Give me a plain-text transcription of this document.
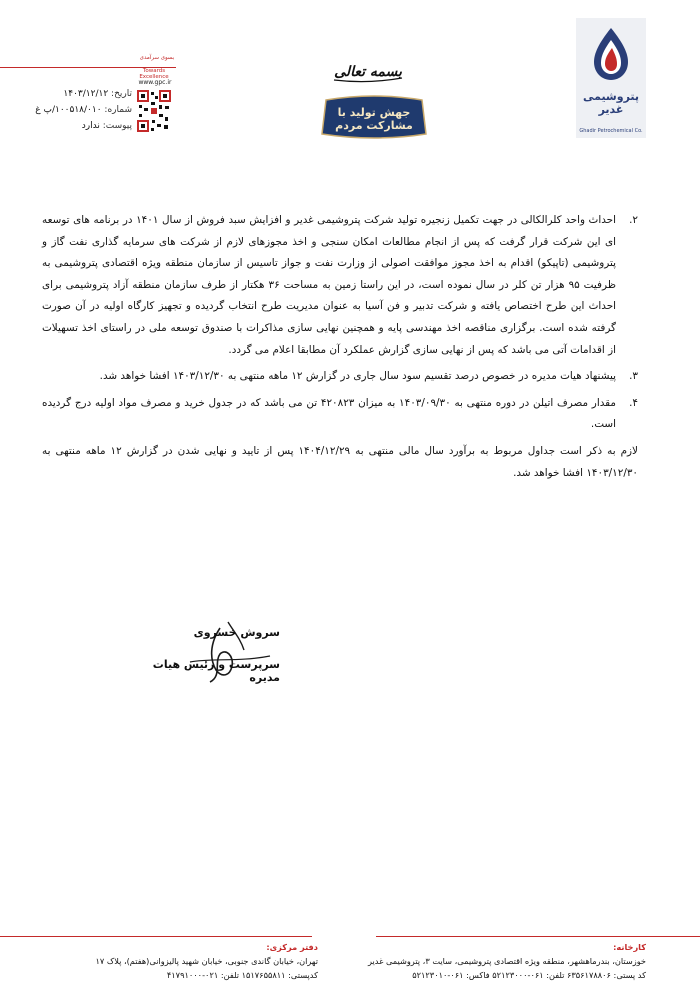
پتروشیمی غدیر
Ghadir Petrochemical Co.
بسمه تعالی
جهش تولید با مشارکت مردم
بسوی سرآمدی
Towards Excellence
www.gpc.ir
تاریخ: ۱۴۰۳/۱۲/۱۲
شماره: ۱۰۰۵۱۸/۰۱۰/پ غ
پیوست: ندارد
۲.
احداث واحد کلرالکالی در جهت تکمیل زنجیره تولید شرکت پتروشیمی غدیر و افزایش سبد فروش از سال ۱۴۰۱ در برنامه های توسعه ای این شرکت قرار گرفت که پس از انجام مطالعات امکان سنجی و اخذ مجوزهای لازم از شرکت های سرمایه گذاری نفت گاز و پتروشیمی (تاپیکو) اقدام به اخذ مجوز موافقت اصولی از وزارت نفت و جواز تاسیس از سازمان منطقه ویژه اقتصادی پتروشیمی به ظرفیت ۹۵ هزار تن کلر در سال نموده است، در این راستا زمین به مساحت ۳۶ هکتار از طرف سازمان منطقه آزاد پتروشیمی برای احداث این طرح اختصاص یافته و شرکت تدبیر و فن آسیا به عنوان مدیریت طرح انتخاب گردیده و تجهیز کارگاه اولیه در آن صورت گرفته شده است. برگزاری مناقصه اخذ مهندسی پایه و همچنین نهایی سازی مذاکرات با صندوق توسعه ملی در راستای اخذ تسهیلات از اقدامات آتی می باشد که پس از نهایی سازی گزارش عملکرد آن مطابقا اعلام می گردد.
۳.
پیشنهاد هیات مدیره در خصوص درصد تقسیم سود سال جاری در گزارش ۱۲ ماهه منتهی به ۱۴۰۳/۱۲/۳۰ افشا خواهد شد.
۴.
مقدار مصرف اتیلن در دوره منتهی به ۱۴۰۳/۰۹/۳۰ به میزان ۴۲۰۸۲۳ تن می باشد که در جدول خرید و مصرف مواد اولیه درج گردیده است.
لازم به ذکر است جداول مربوط به برآورد سال مالی منتهی به ۱۴۰۴/۱۲/۲۹ پس از تایید و نهایی شدن در گزارش ۱۲ ماهه منتهی به ۱۴۰۳/۱۲/۳۰ افشا خواهد شد.
سروش خسروی
سرپرست و رئیس هیات مدیره
کارخانه:
خوزستان، بندرماهشهر، منطقه ویژه اقتصادی پتروشیمی، سایت ۳، پتروشیمی غدیر
کد پستی: ۶۳۵۶۱۷۸۸۰۶ تلفن: ۰۶۱-۵۲۱۲۳۰۰۰ فاکس: ۰۶۱-۵۲۱۲۳۰۱۰
دفتر مرکزی:
تهران، خیابان گاندی جنوبی، خیابان شهید پالیزوانی(هفتم)، پلاک ۱۷
کدپستی: ۱۵۱۷۶۵۵۸۱۱ تلفن: ۰۲۱-۴۱۷۹۱۰۰۰
